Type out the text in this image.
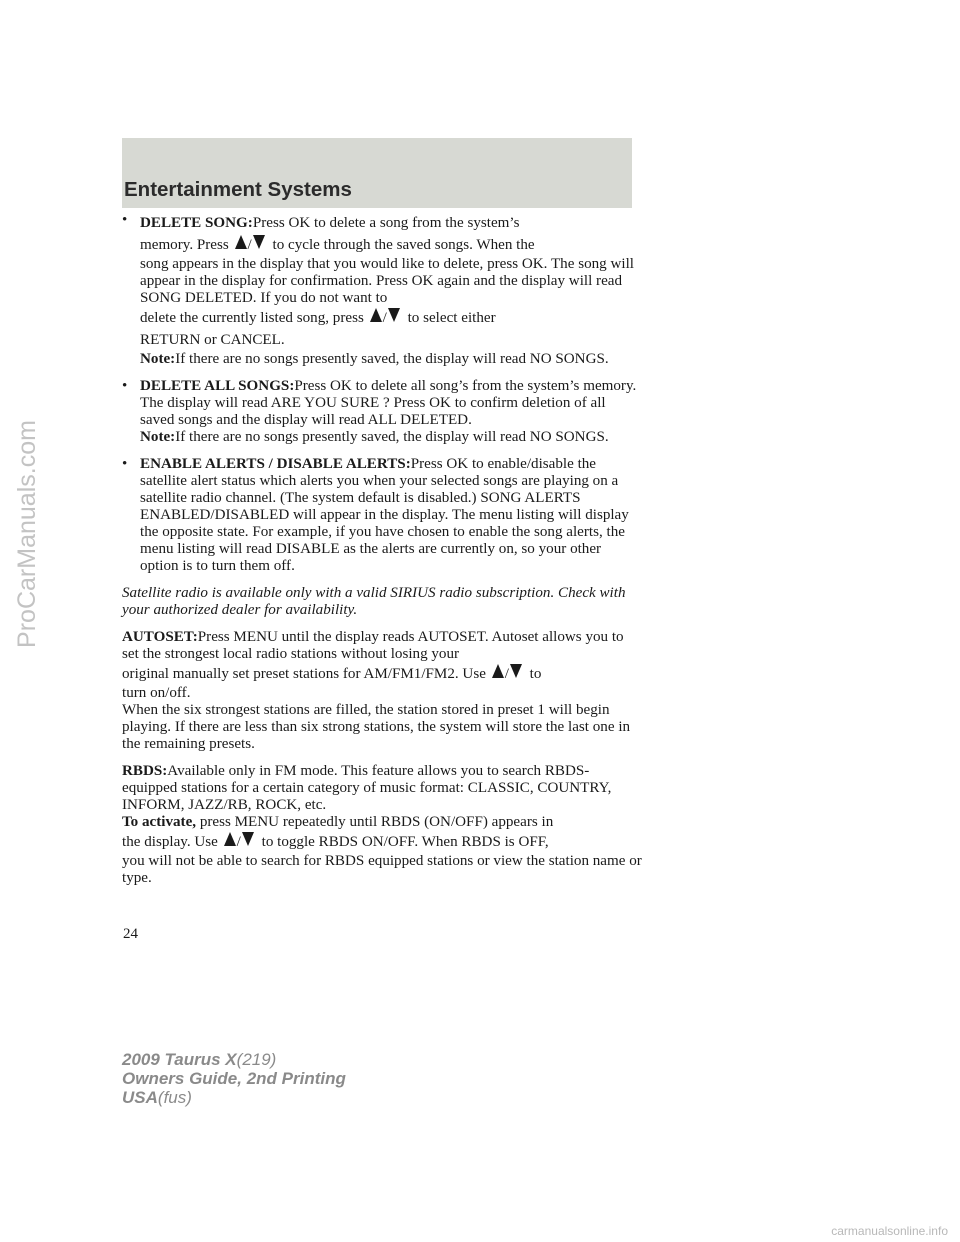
Entertainment Systems
• DELETE SONG:Press OK to delete a song from the system’s
memory. Press / to cycle through the saved songs. When the

song appears in the display that you would like to delete, press OK. The song will appear in the display for confirmation. Press OK again and the display will read SONG DELETED. If you do not want to

delete the currently listed song, press / to select either
RETURN or CANCEL.

Note:If there are no songs presently saved, the display will read NO SONGS.

• DELETE ALL SONGS:Press OK to delete all song’s from the system’s memory. The display will read ARE YOU SURE ? Press OK to confirm deletion of all saved songs and the display will read ALL DELETED.

Note:If there are no songs presently saved, the display will read NO SONGS.

• ENABLE ALERTS / DISABLE ALERTS:Press OK to enable/disable the satellite alert status which alerts you when your selected songs are playing on a satellite radio channel. (The system default is disabled.) SONG ALERTS ENABLED/DISABLED will appear in the display. The menu listing will display the opposite state. For example, if you have chosen to enable the song alerts, the menu listing will read DISABLE as the alerts are currently on, so your other option is to turn them off.

Satellite radio is available only with a valid SIRIUS radio subscription. Check with your authorized dealer for availability.

AUTOSET:Press MENU until the display reads AUTOSET. Autoset allows you to set the strongest local radio stations without losing your

original manually set preset stations for AM/FM1/FM2. Use / to

turn on/off.

When the six strongest stations are filled, the station stored in preset 1 will begin playing. If there are less than six strong stations, the system will store the last one in the remaining presets.

RBDS:Available only in FM mode. This feature allows you to search RBDS-equipped stations for a certain category of music format: CLASSIC, COUNTRY, INFORM, JAZZ/RB, ROCK, etc.

To activate, press MENU repeatedly until RBDS (ON/OFF) appears in

the display. Use / to toggle RBDS ON/OFF. When RBDS is OFF,

you will not be able to search for RBDS equipped stations or view the station name or type.

24
2009 Taurus X(219)
Owners Guide, 2nd Printing
USA(fus)
ProCarManuals.com
carmanualsonline.info
